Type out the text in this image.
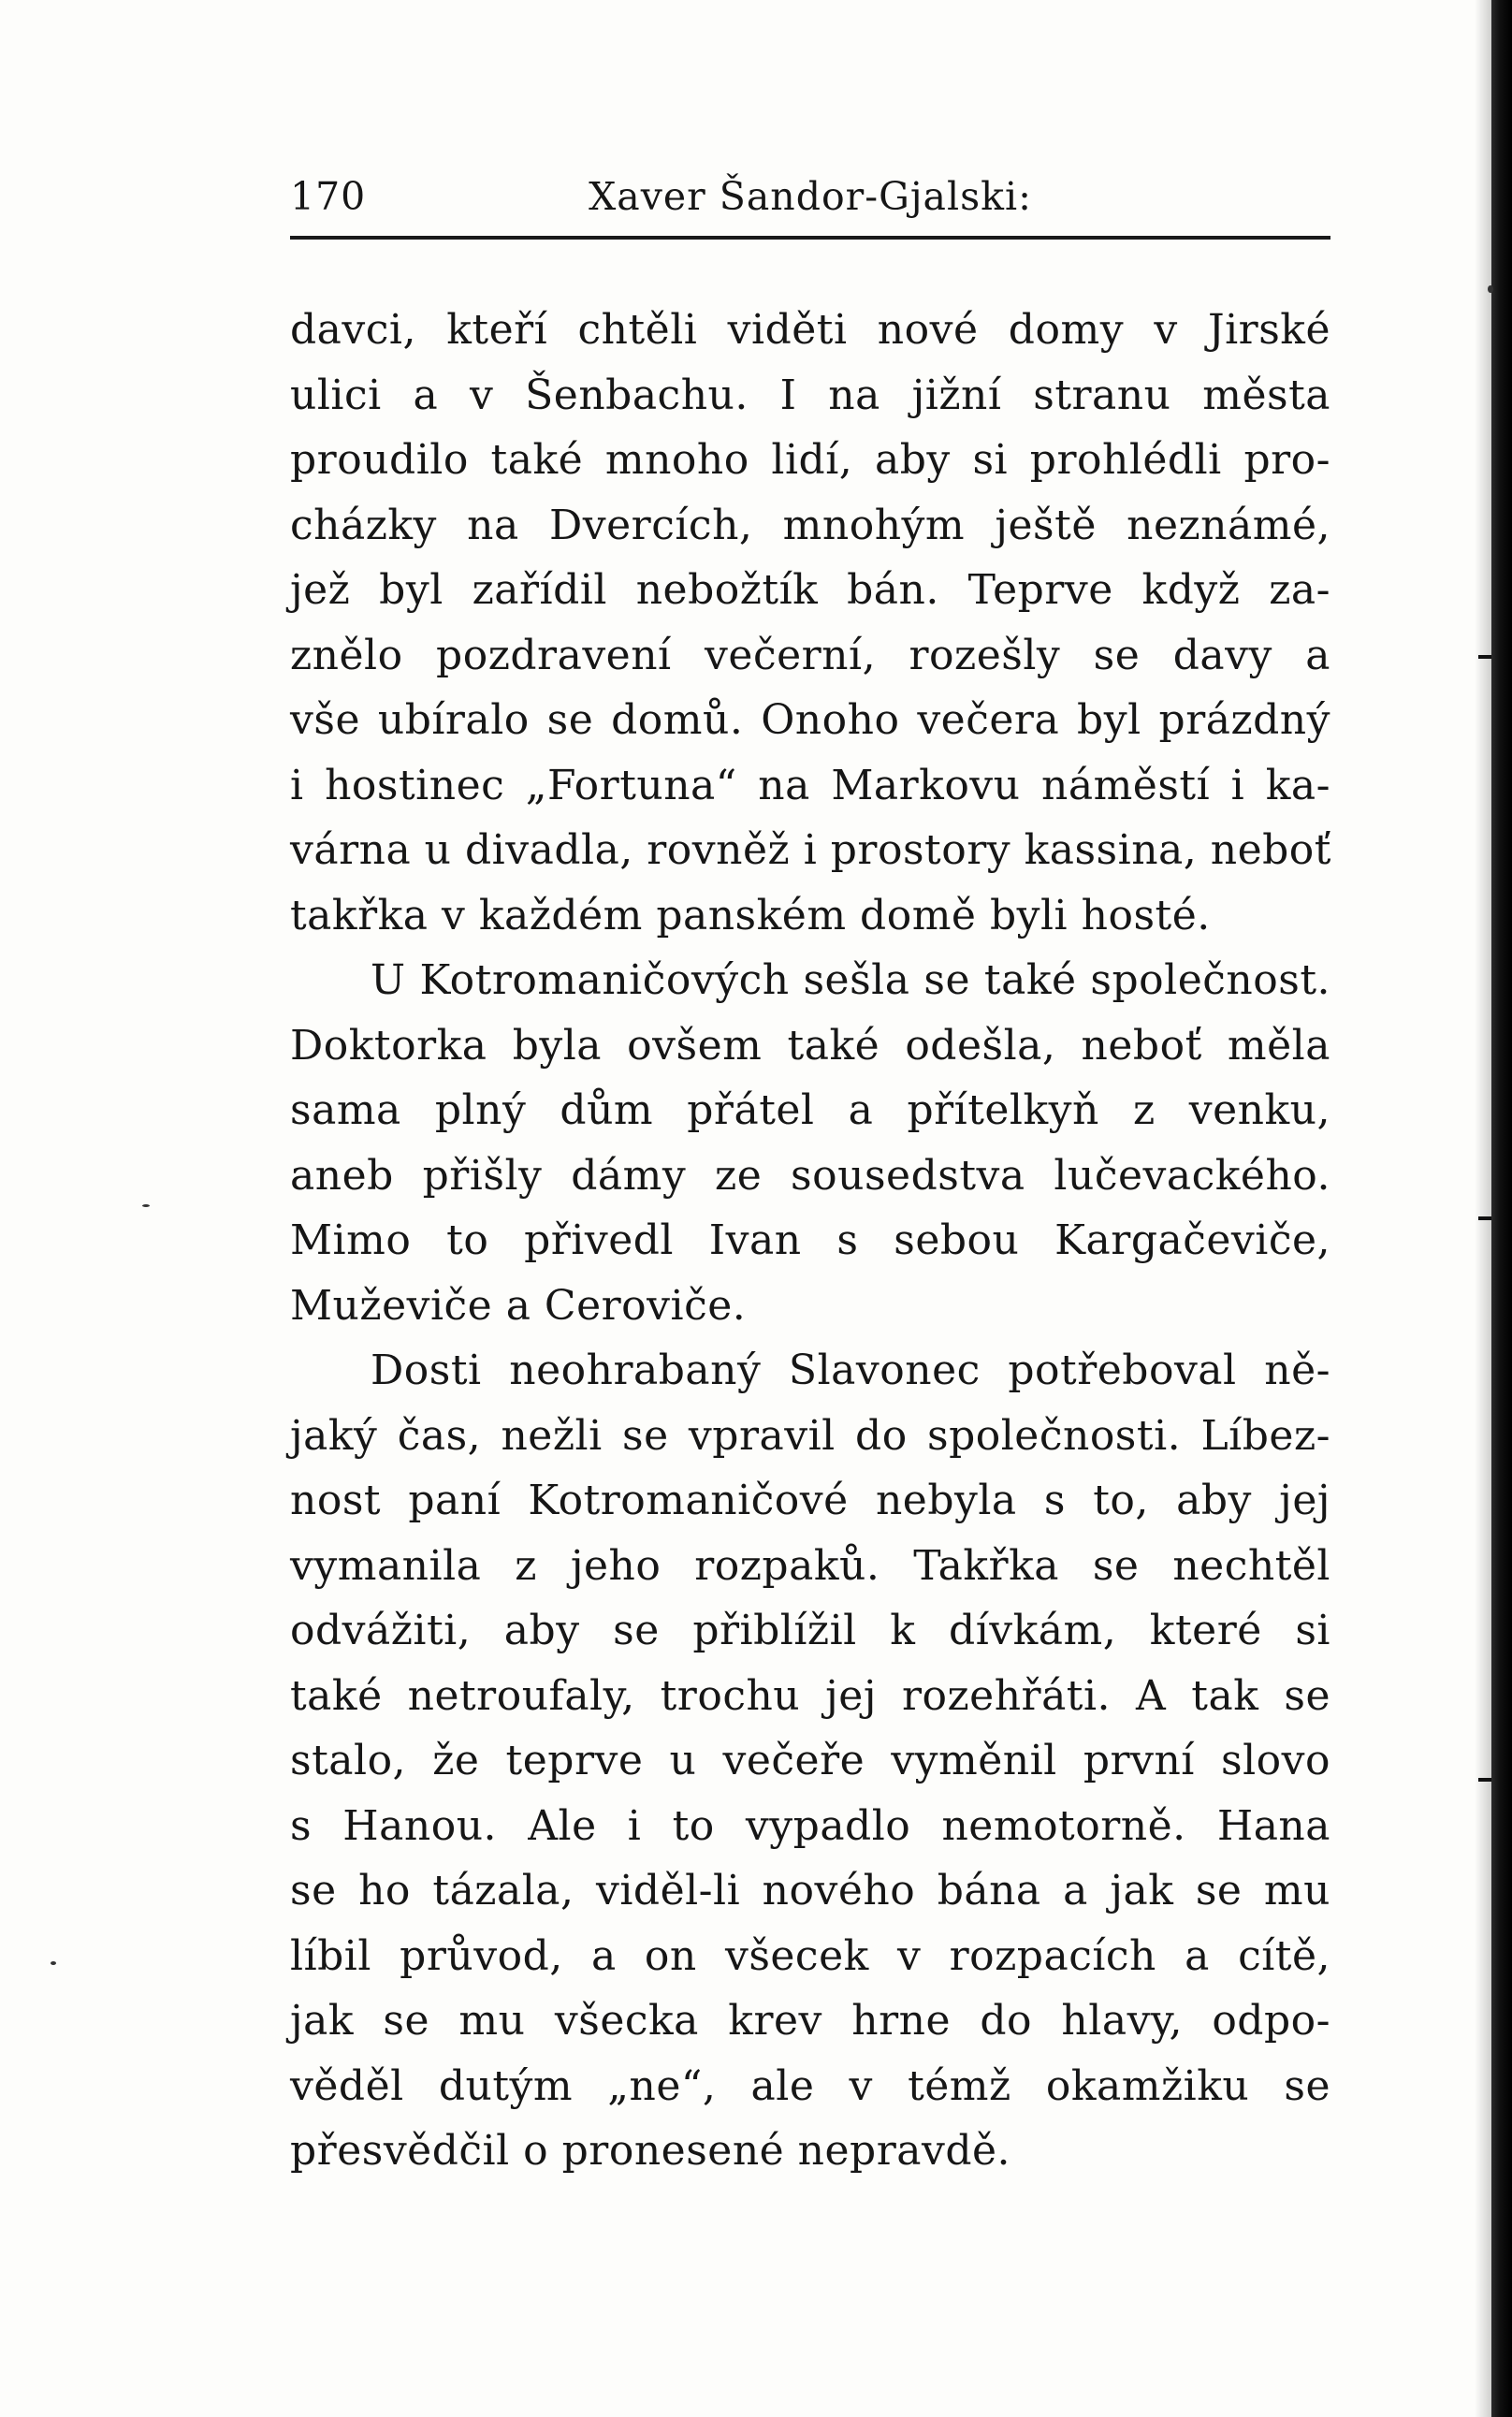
170	Xaver Šandor-Gjalski:
davci, kteří chtěli viděti nové domy v Jirské
ulici a v Šenbachu. I na jižní stranu města
proudilo také mnoho lidí, aby si prohlédli pro-
cházky na Dvercích, mnohým ještě neznámé,
jež byl zařídil nebožtík bán. Teprve když za-
znělo pozdravení večerní, rozešly se davy a
vše ubíralo se domů. Onoho večera byl prázdný
i hostinec „Fortuna“ na Markovu náměstí i ka-
várna u divadla, rovněž i prostory kassina, neboť
takřka v každém panském domě byli hosté.
U Kotromaničových sešla se také společnost.
Doktorka byla ovšem také odešla, neboť měla
sama plný dům přátel a přítelkyň z venku,
aneb přišly dámy ze sousedstva lučevackého.
Mimo to přivedl Ivan s sebou Kargačeviče,
Muževiče a Ceroviče.
Dosti neohrabaný Slavonec potřeboval ně-
jaký čas, nežli se vpravil do společnosti. Líbez-
nost paní Kotromaničové nebyla s to, aby jej
vymanila z jeho rozpaků. Takřka se nechtěl
odvážiti, aby se přiblížil k dívkám, které si
také netroufaly, trochu jej rozehřáti. A tak se
stalo, že teprve u večeře vyměnil první slovo
s Hanou. Ale i to vypadlo nemotorně. Hana
se ho tázala, viděl-li nového bána a jak se mu
líbil průvod, a on všecek v rozpacích a cítě,
jak se mu všecka krev hrne do hlavy, odpo-
věděl dutým „ne“, ale v témž okamžiku se
přesvědčil o pronesené nepravdě.
